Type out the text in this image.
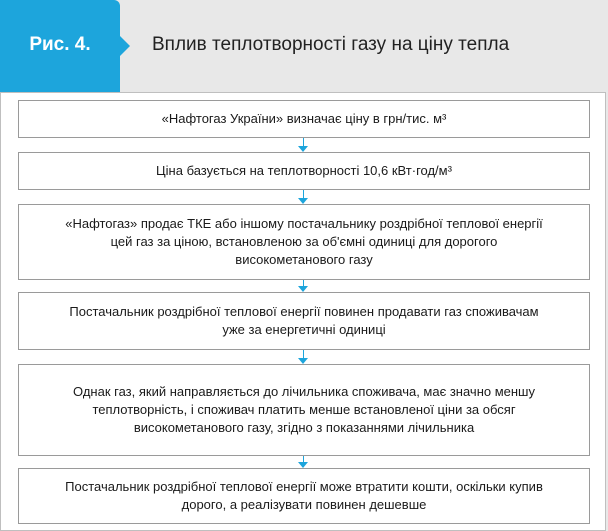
Рис. 4.	Вплив теплотворності газу на ціну тепла
«Нафтогаз України» визначає ціну в грн/тис. м³
Ціна базується на теплотворності 10,6 кВт·год/м³
«Нафтогаз» продає ТКЕ або іншому постачальнику роздрібної теплової енергії цей газ за ціною, встановленою за об'ємні одиниці для дорогого високометанового газу
Постачальник роздрібної теплової енергії повинен продавати газ споживачам уже за енергетичні одиниці
Однак газ, який направляється до лічильника споживача, має значно меншу теплотворність, і споживач платить менше встановленої ціни за обсяг високометанового газу, згідно з показаннями лічильника
Постачальник роздрібної теплової енергії може втратити кошти, оскільки купив дорого, а реалізувати повинен дешевше
